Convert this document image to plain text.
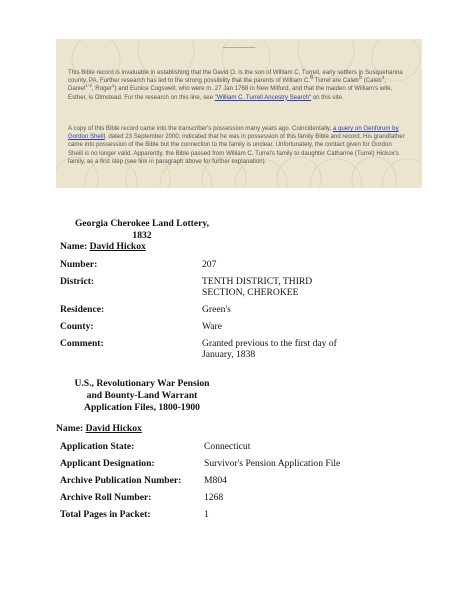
~~~~~~~~~

This Bible record is invaluable in establishing that the David O. is the son of William C. Turrell, early settlers in Susquehanna county, PA. Further research has led to the strong possibility that the parents of William C.$^6$ Turrel are Caleb$^5$ (Caleb$^4$, Daniel$^{1-2}$, Roger$^1$) and Eunice Cogswell, who were m. 27 Jan 1768 in New Milford, and that the maiden of William's wife, Esther, is Olmstead. For the research on this line, see "William C. Turrell Ancestry Search" on this site.

A copy of this Bible record came into the transcriber's possession many years ago. Coincidentally, a query on Genforum by Gordon Sheill, dated 23 September 2000, indicated that he was in possession of this family Bible and record. His grandfather came into possession of the Bible but the connection to the family is unclear. Unfortunately, the contact given for Gordon Sheill is no longer valid. Apparently, the Bible passed from William C. Turrel's family to daughter Catharine (Turrel) Hickox's family, as a first step (see link in paragraph above for further explanation).

Georgia Cherokee Land Lottery,
1832
Name: David Hickox
Number:	207
District:	TENTH DISTRICT, THIRD
SECTION, CHEROKEE
Residence:	Green's
County:	Ware
Comment:	Granted previous to the first day of
January, 1838
U.S., Revolutionary War Pension
and Bounty-Land Warrant
Application Files, 1800-1900
Name: David Hickox
Application State:	Connecticut
Applicant Designation:	Survivor's Pension Application File
Archive Publication Number: M804
Archive Roll Number:	1268
Total Pages in Packet:	1
